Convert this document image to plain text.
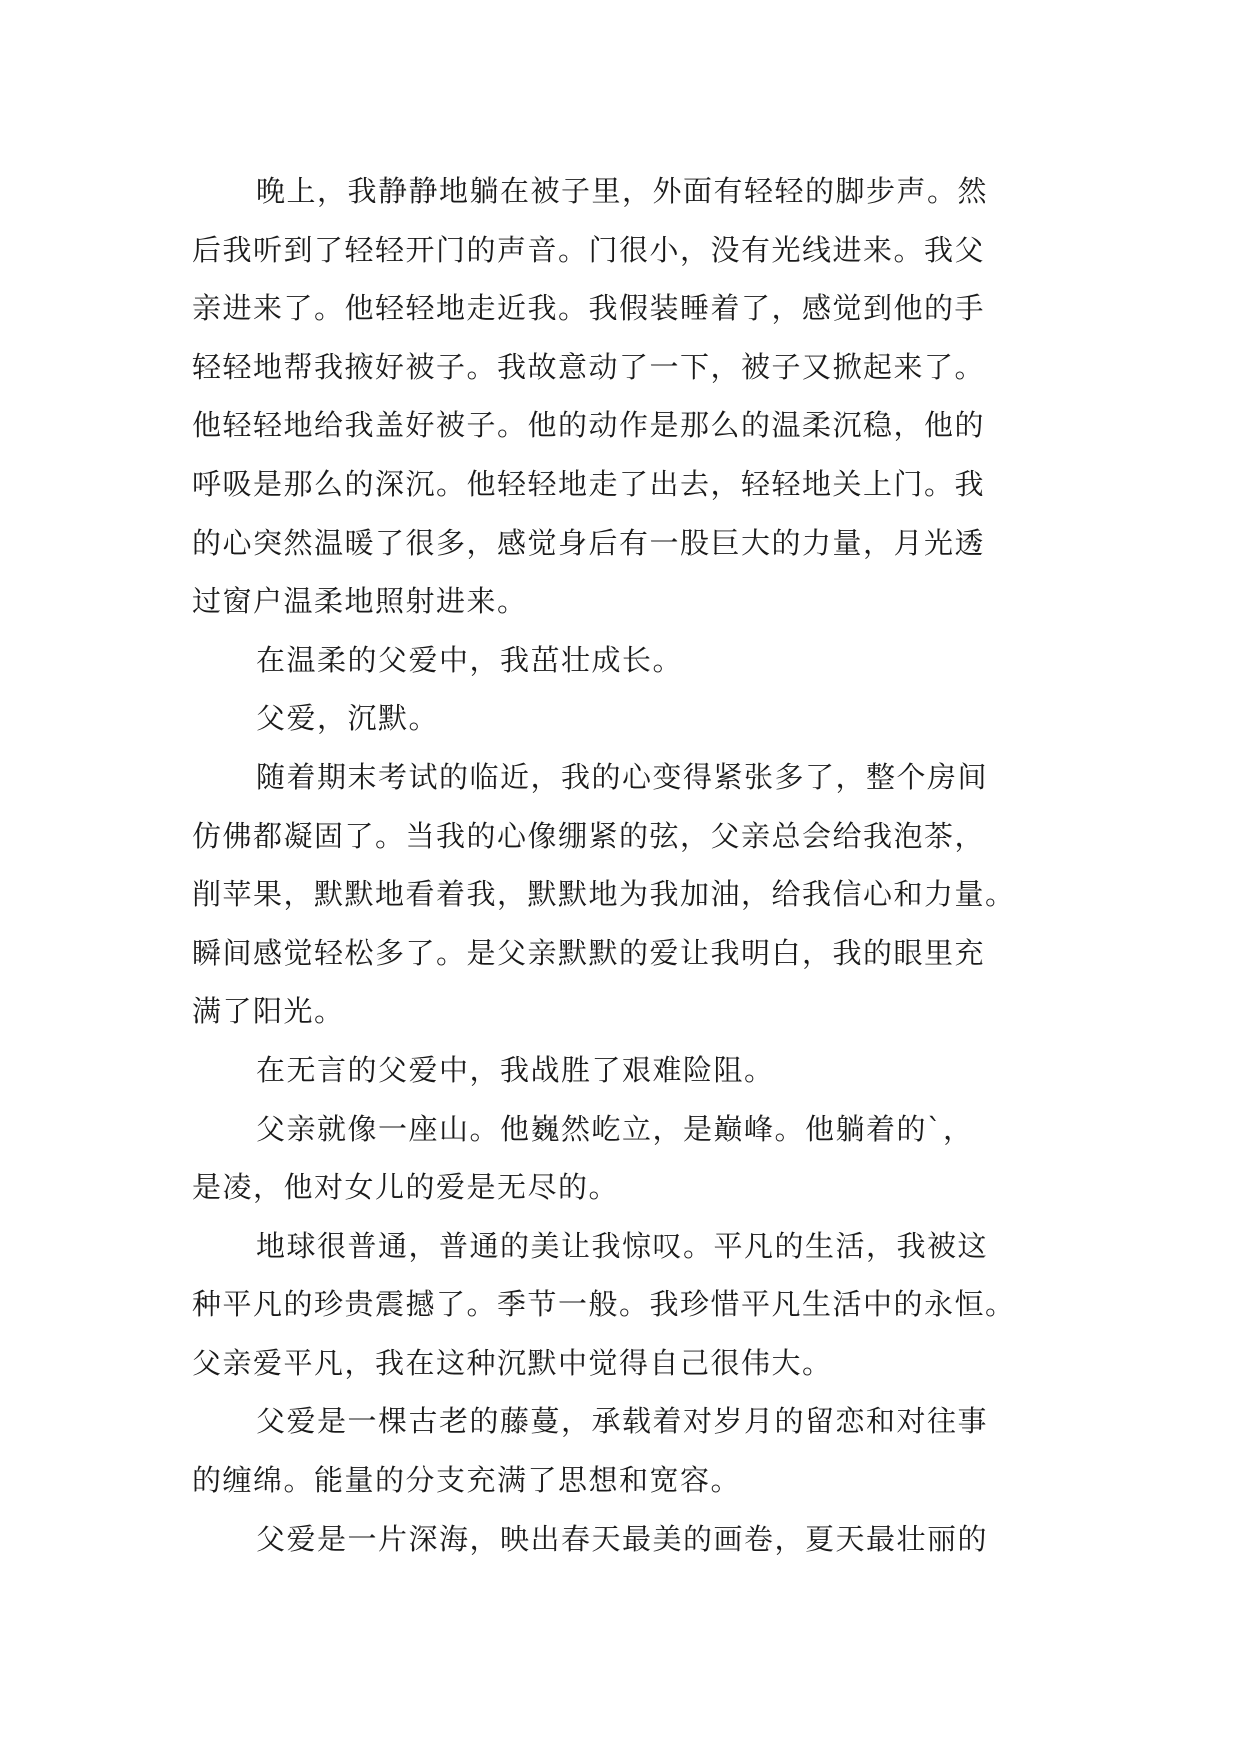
晚上，我静静地躺在被子里，外面有轻轻的脚步声。然

后我听到了轻轻开门的声音。门很小，没有光线进来。我父

亲进来了。他轻轻地走近我。我假装睡着了，感觉到他的手

轻轻地帮我掖好被子。我故意动了一下，被子又掀起来了。

他轻轻地给我盖好被子。他的动作是那么的温柔沉稳，他的

呼吸是那么的深沉。他轻轻地走了出去，轻轻地关上门。我

的心突然温暖了很多，感觉身后有一股巨大的力量，月光透

过窗户温柔地照射进来。

在温柔的父爱中，我茁壮成长。

父爱，沉默。

随着期末考试的临近，我的心变得紧张多了，整个房间

仿佛都凝固了。当我的心像绷紧的弦，父亲总会给我泡茶，

削苹果，默默地看着我，默默地为我加油，给我信心和力量。

瞬间感觉轻松多了。是父亲默默的爱让我明白，我的眼里充

满了阳光。

在无言的父爱中，我战胜了艰难险阻。

父亲就像一座山。他巍然屹立，是巅峰。他躺着的`，

是凌，他对女儿的爱是无尽的。

地球很普通，普通的美让我惊叹。平凡的生活，我被这

种平凡的珍贵震撼了。季节一般。我珍惜平凡生活中的永恒。

父亲爱平凡，我在这种沉默中觉得自己很伟大。

父爱是一棵古老的藤蔓，承载着对岁月的留恋和对往事

的缠绵。能量的分支充满了思想和宽容。

父爱是一片深海，映出春天最美的画卷，夏天最壮丽的
